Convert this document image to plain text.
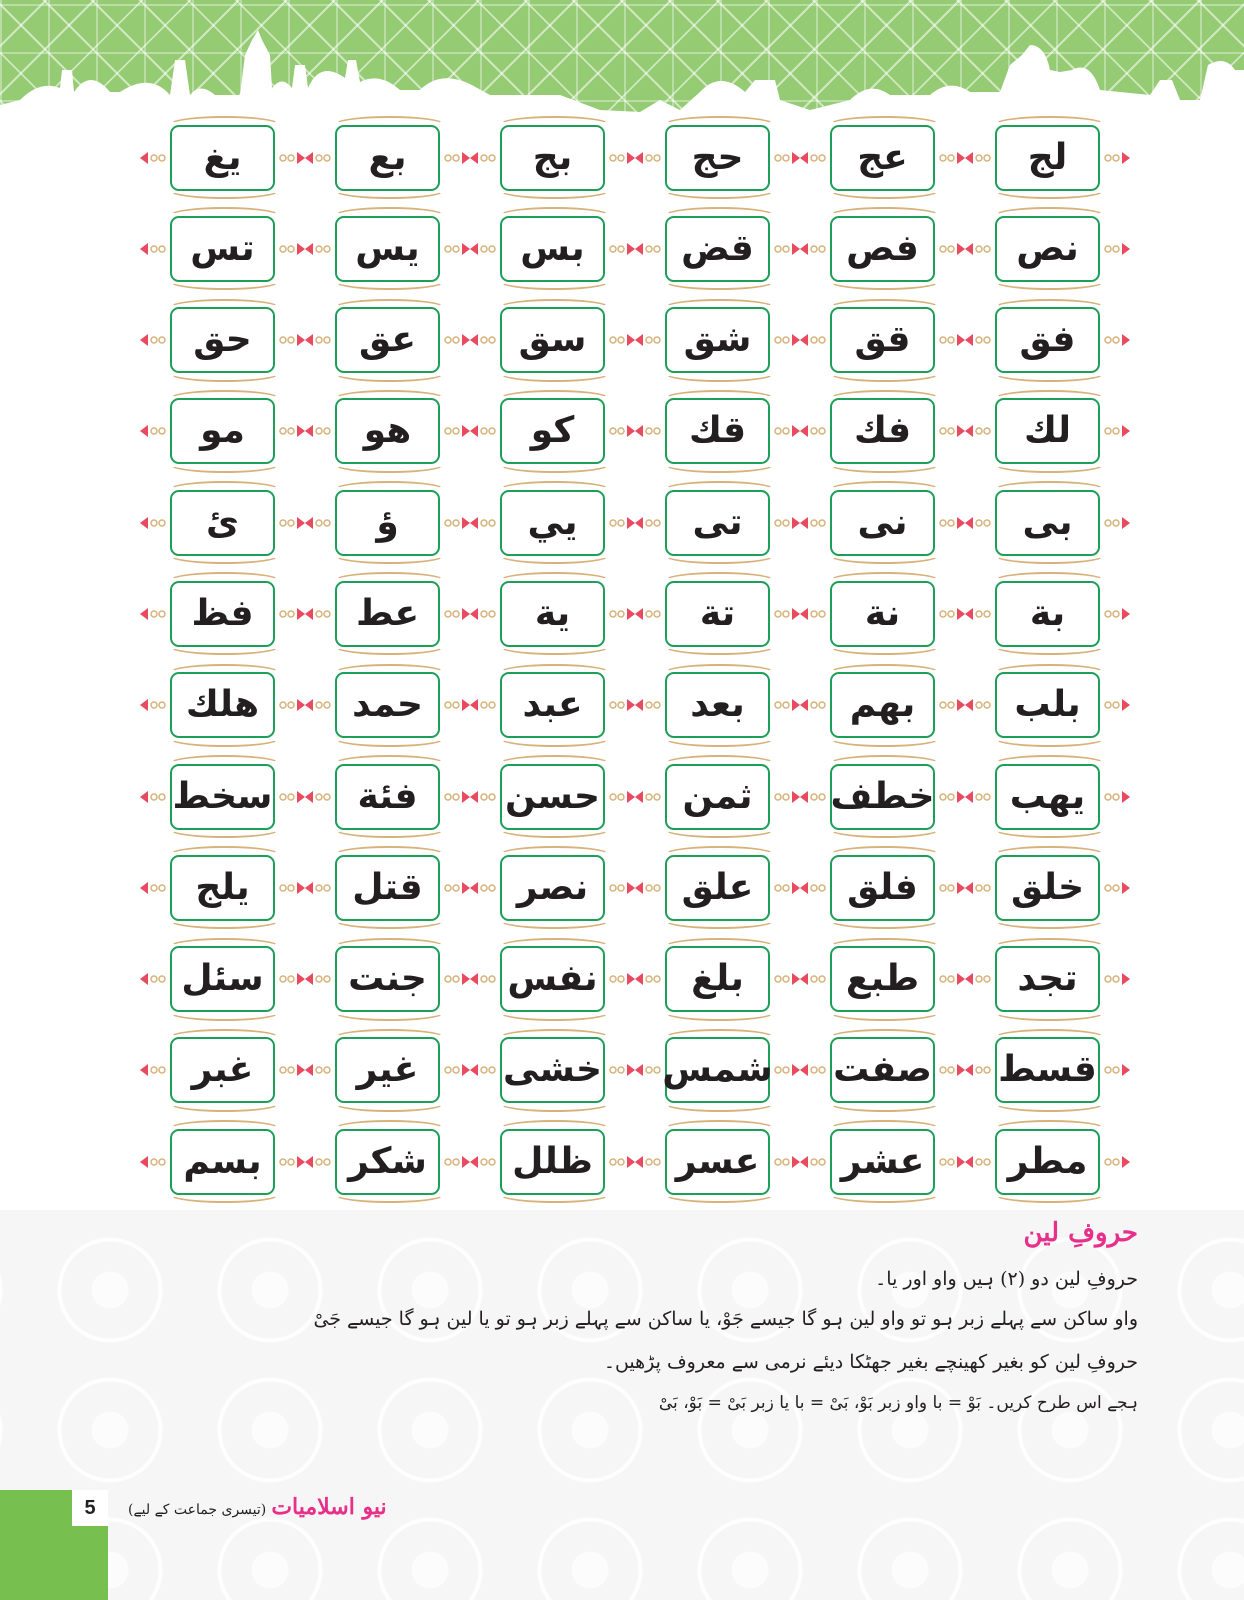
لج
عج
حج
بج
بع
یغ
نص
فص
قض
بس
یس
تس
فق
قق
شق
سق
عق
حق
لك
فك
قك
كو
هو
مو
بی
نی
تی
يي
ؤ
ئ
بة
نة
تة
ية
عط
فظ
بلب
بهم
بعد
عبد
حمد
هلك
یهب
خطف
ثمن
حسن
فئة
سخط
خلق
فلق
علق
نصر
قتل
یلج
تجد
طبع
بلغ
نفس
جنت
سئل
قسط
صفت
شمس
خشی
غیر
غبر
مطر
عشر
عسر
ظلل
شکر
بسم
حروفِ لین
حروفِ لین دو (۲) ہیں واو اور یا۔
واو ساکن سے پہلے زبر ہو تو واو لین ہو گا جیسے جَوْ، یا ساکن سے پہلے زبر ہو تو یا لین ہو گا جیسے جَیْ
حروفِ لین کو بغیر کھینچے بغیر جھٹکا دیئے نرمی سے معروف پڑھیں۔
ہجے اس طرح کریں۔ بَوْ = با واو زبر بَوْ، بَیْ = با یا زبر بَیْ = بَوْ، بَیْ
5	نیو اسلامیات (تیسری جماعت کے لیے)
